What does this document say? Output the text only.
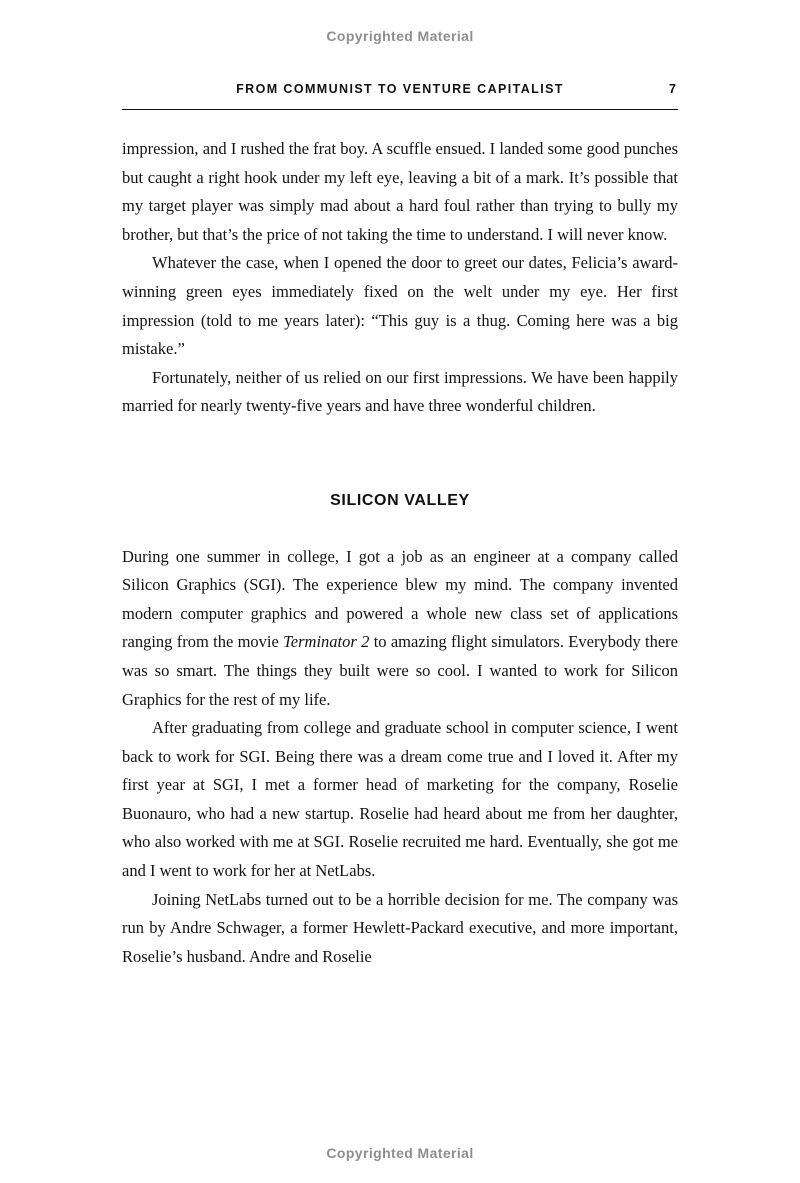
Copyrighted Material
FROM COMMUNIST TO VENTURE CAPITALIST	7

impression, and I rushed the frat boy. A scuffle ensued. I landed some good punches but caught a right hook under my left eye, leaving a bit of a mark. It’s possible that my target player was simply mad about a hard foul rather than trying to bully my brother, but that’s the price of not taking the time to understand. I will never know.

Whatever the case, when I opened the door to greet our dates, Felicia’s award-winning green eyes immediately fixed on the welt under my eye. Her first impression (told to me years later): “This guy is a thug. Coming here was a big mistake.”

Fortunately, neither of us relied on our first impressions. We have been happily married for nearly twenty-five years and have three wonderful children.

SILICON VALLEY

During one summer in college, I got a job as an engineer at a company called Silicon Graphics (SGI). The experience blew my mind. The company invented modern computer graphics and powered a whole new class set of applications ranging from the movie Terminator 2 to amazing flight simulators. Everybody there was so smart. The things they built were so cool. I wanted to work for Silicon Graphics for the rest of my life.

After graduating from college and graduate school in computer science, I went back to work for SGI. Being there was a dream come true and I loved it. After my first year at SGI, I met a former head of marketing for the company, Roselie Buonauro, who had a new startup. Roselie had heard about me from her daughter, who also worked with me at SGI. Roselie recruited me hard. Eventually, she got me and I went to work for her at NetLabs.

Joining NetLabs turned out to be a horrible decision for me. The company was run by Andre Schwager, a former Hewlett-Packard executive, and more important, Roselie’s husband. Andre and Roselie

Copyrighted Material
